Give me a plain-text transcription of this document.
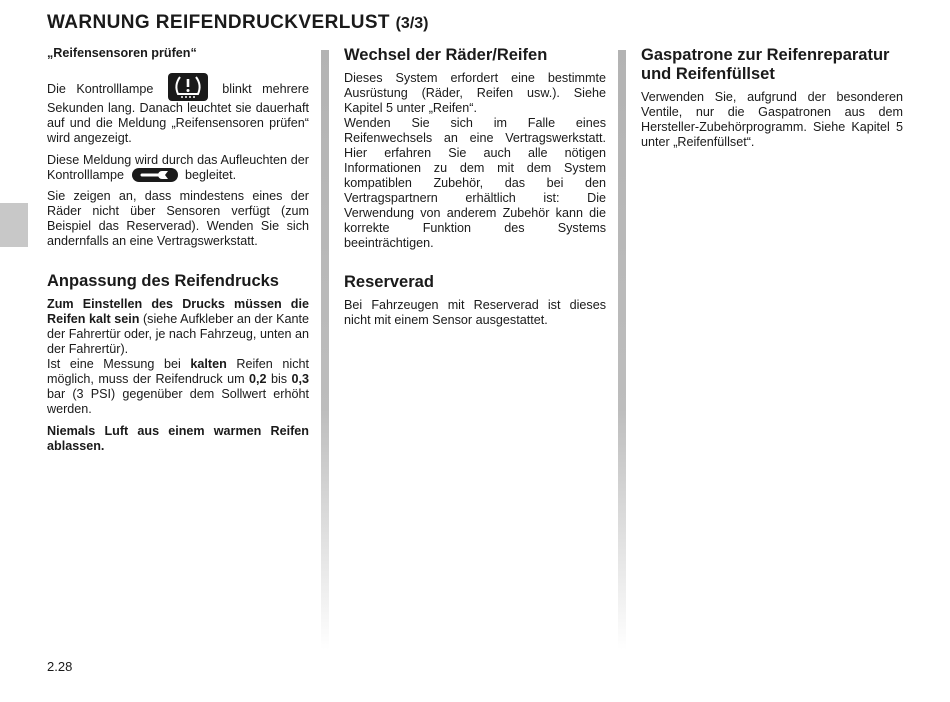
WARNUNG REIFENDRUCKVERLUST (3/3)
„Reifensensoren prüfen“

Die Kontrolllampe	blinkt mehrere Sekunden lang. Danach leuchtet sie dauerhaft auf und die Meldung „Reifensensoren prüfen“ wird angezeigt.

Diese Meldung wird durch das Aufleuchten der Kontrolllampe	begleitet.

Sie zeigen an, dass mindestens eines der Räder nicht über Sensoren verfügt (zum Beispiel das Reserverad). Wenden Sie sich andernfalls an eine Vertragswerkstatt.

Anpassung des Reifendrucks

Zum Einstellen des Drucks müssen die Reifen kalt sein (siehe Aufkleber an der Kante der Fahrertür oder, je nach Fahrzeug, unten an der Fahrertür).

Ist eine Messung bei kalten Reifen nicht möglich, muss der Reifendruck um 0,2 bis 0,3 bar (3 PSI) gegenüber dem Sollwert erhöht werden.

Niemals Luft aus einem warmen Reifen ablassen.

Wechsel der Räder/Reifen

Dieses System erfordert eine bestimmte Ausrüstung (Räder, Reifen usw.). Siehe Kapitel 5 unter „Reifen“.

Wenden Sie sich im Falle eines Reifenwechsels an eine Vertragswerkstatt. Hier erfahren Sie auch alle nötigen Informationen zu dem mit dem System kompatiblen Zubehör, das bei den Vertragspartnern erhältlich ist: Die Verwendung von anderem Zubehör kann die korrekte Funktion des Systems beeinträchtigen.

Reserverad

Bei Fahrzeugen mit Reserverad ist dieses nicht mit einem Sensor ausgestattet.

Gaspatrone zur Reifenreparatur und Reifenfüllset

Verwenden Sie, aufgrund der besonderen Ventile, nur die Gaspatronen aus dem Hersteller-Zubehörprogramm. Siehe Kapitel 5 unter „Reifenfüllset“.

2.28
